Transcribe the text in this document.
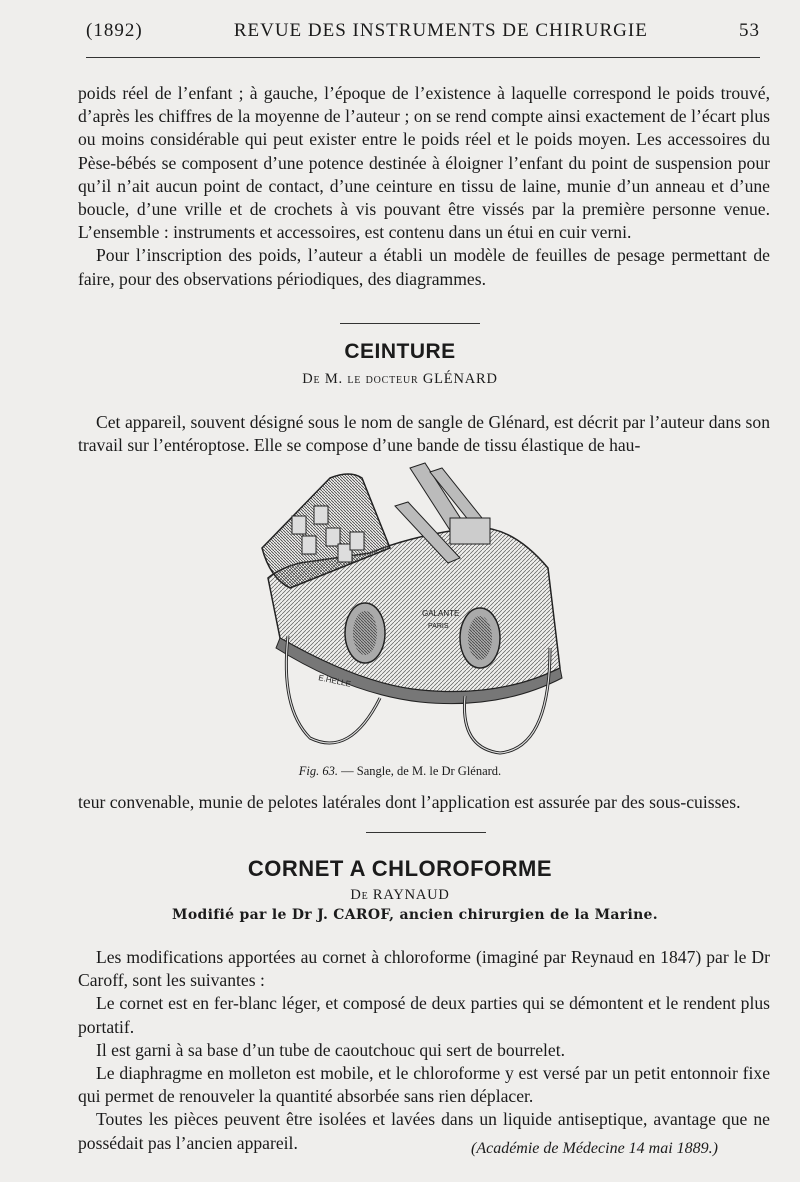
(1892)	REVUE DES INSTRUMENTS DE CHIRURGIE	53

poids réel de l’enfant ; à gauche, l’époque de l’existence à laquelle correspond le poids trouvé, d’après les chiffres de la moyenne de l’auteur ; on se rend compte ainsi exactement de l’écart plus ou moins considérable qui peut exister entre le poids réel et le poids moyen. Les accessoires du Pèse-bébés se composent d’une potence destinée à éloigner l’enfant du point de suspension pour qu’il n’ait aucun point de contact, d’une ceinture en tissu de laine, munie d’un anneau et d’une boucle, d’une vrille et de crochets à vis pouvant être vissés par la première personne venue. L’ensemble : instruments et accessoires, est contenu dans un étui en cuir verni.

Pour l’inscription des poids, l’auteur a établi un modèle de feuilles de pesage permettant de faire, pour des observations périodiques, des diagrammes.

CEINTURE
De M. le docteur GLÉNARD
Cet appareil, souvent désigné sous le nom de sangle de Glénard, est décrit par l’auteur dans son travail sur l’entéroptose. Elle se compose d’une bande de tissu élastique de hau-
GALANTE
PARIS
E.HELLE
Fig. 63. — Sangle, de M. le Dr Glénard.
teur convenable, munie de pelotes latérales dont l’application est assurée par des sous-cuisses.
CORNET A CHLOROFORME
De RAYNAUD
Modifié par le Dr J. CAROF, ancien chirurgien de la Marine.

Les modifications apportées au cornet à chloroforme (imaginé par Reynaud en 1847) par le Dr Caroff, sont les suivantes :

Le cornet est en fer-blanc léger, et composé de deux parties qui se démontent et le rendent plus portatif.

Il est garni à sa base d’un tube de caoutchouc qui sert de bourrelet.

Le diaphragme en molleton est mobile, et le chloroforme y est versé par un petit entonnoir fixe qui permet de renouveler la quantité absorbée sans rien déplacer.

Toutes les pièces peuvent être isolées et lavées dans un liquide antiseptique, avantage que ne possédait pas l’ancien appareil.	(Académie de Médecine 14 mai 1889.)
